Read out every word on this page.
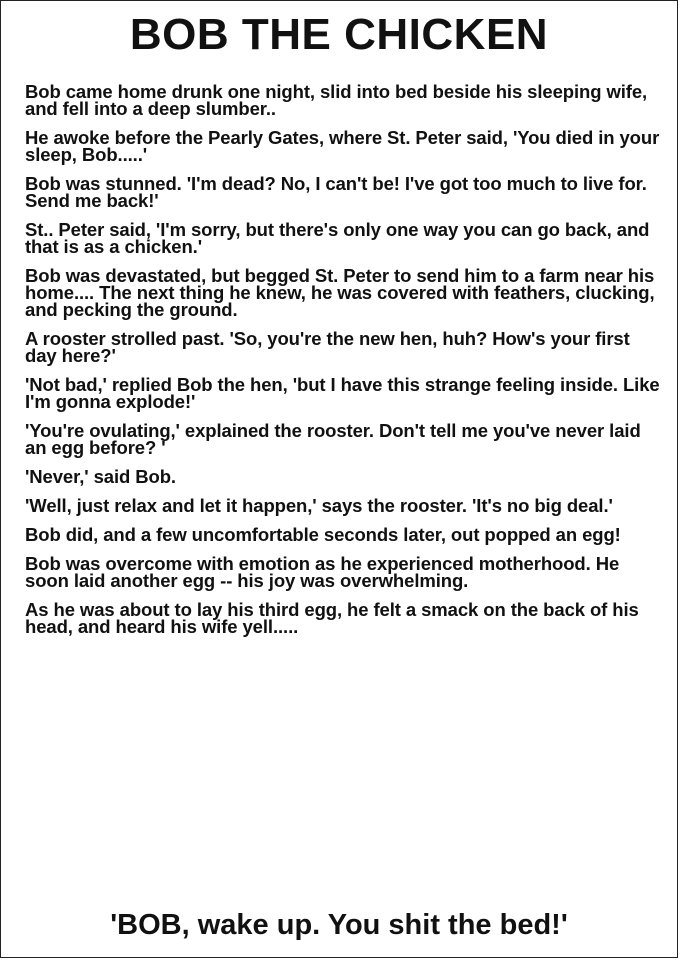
BOB THE CHICKEN

Bob came home drunk one night, slid into bed beside his sleeping wife, and fell into a deep slumber..

He awoke before the Pearly Gates, where St. Peter said, 'You died in your sleep, Bob.....'

Bob was stunned. 'I'm dead? No, I can't be! I've got too much to live for. Send me back!'

St.. Peter said, 'I'm sorry, but there's only one way you can go back, and that is as a chicken.'

Bob was devastated, but begged St. Peter to send him to a farm near his home.... The next thing he knew, he was covered with feathers, clucking, and pecking the ground.

A rooster strolled past. 'So, you're the new hen, huh? How's your first day here?'

'Not bad,' replied Bob the hen, 'but I have this strange feeling inside. Like I'm gonna explode!'

'You're ovulating,' explained the rooster. Don't tell me you've never laid an egg before? '

'Never,' said Bob.

'Well, just relax and let it happen,' says the rooster. 'It's no big deal.'

Bob did, and a few uncomfortable seconds later, out popped an egg!

Bob was overcome with emotion as he experienced motherhood. He soon laid another egg -- his joy was overwhelming.

As he was about to lay his third egg, he felt a smack on the back of his head, and heard his wife yell.....

'BOB, wake up. You shit the bed!'
